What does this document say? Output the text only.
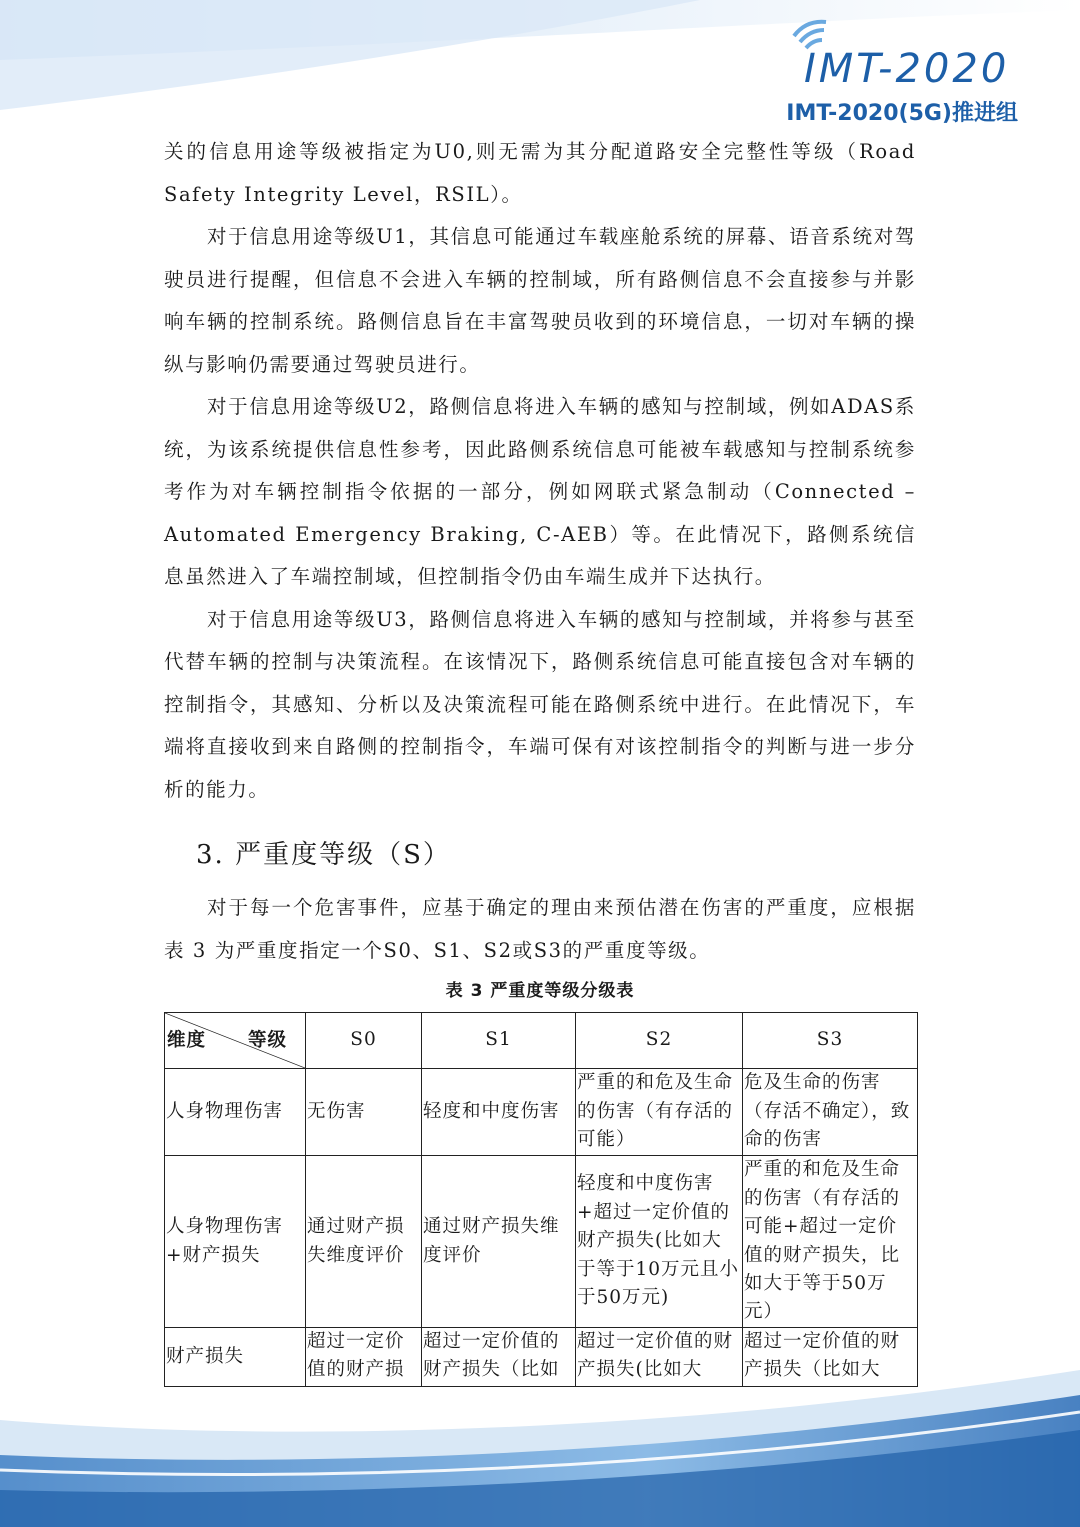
IMT-2020
IMT-2020(5G)推进组

关的信息用途等级被指定为U0,则无需为其分配道路安全完整性等级（Road Safety Integrity Level，RSIL）。

对于信息用途等级U1，其信息可能通过车载座舱系统的屏幕、语音系统对驾驶员进行提醒，但信息不会进入车辆的控制域，所有路侧信息不会直接参与并影响车辆的控制系统。路侧信息旨在丰富驾驶员收到的环境信息，一切对车辆的操纵与影响仍需要通过驾驶员进行。

对于信息用途等级U2，路侧信息将进入车辆的感知与控制域，例如ADAS系统，为该系统提供信息性参考，因此路侧系统信息可能被车载感知与控制系统参考作为对车辆控制指令依据的一部分，例如网联式紧急制动（Connected – Automated Emergency Braking, C-AEB）等。在此情况下，路侧系统信息虽然进入了车端控制域，但控制指令仍由车端生成并下达执行。

对于信息用途等级U3，路侧信息将进入车辆的感知与控制域，并将参与甚至代替车辆的控制与决策流程。在该情况下，路侧系统信息可能直接包含对车辆的控制指令，其感知、分析以及决策流程可能在路侧系统中进行。在此情况下，车端将直接收到来自路侧的控制指令，车端可保有对该控制指令的判断与进一步分析的能力。

3. 严重度等级（S）

对于每一个危害事件，应基于确定的理由来预估潜在伤害的严重度，应根据表 3 为严重度指定一个S0、S1、S2或S3的严重度等级。

表 3 严重度等级分级表
维度 等级	S0	S1	S2	S3
人身物理伤害	无伤害	轻度和中度伤害	严重的和危及生命的伤害（有存活的可能）	危及生命的伤害（存活不确定），致命的伤害
人身物理伤害+财产损失	通过财产损失维度评价	通过财产损失维度评价	轻度和中度伤害+超过一定价值的财产损失(比如大于等于10万元且小于50万元)	严重的和危及生命的伤害（有存活的可能+超过一定价值的财产损失，比如大于等于50万元）
财产损失	超过一定价值的财产损	超过一定价值的财产损失（比如	超过一定价值的财产损失(比如大	超过一定价值的财产损失（比如大
